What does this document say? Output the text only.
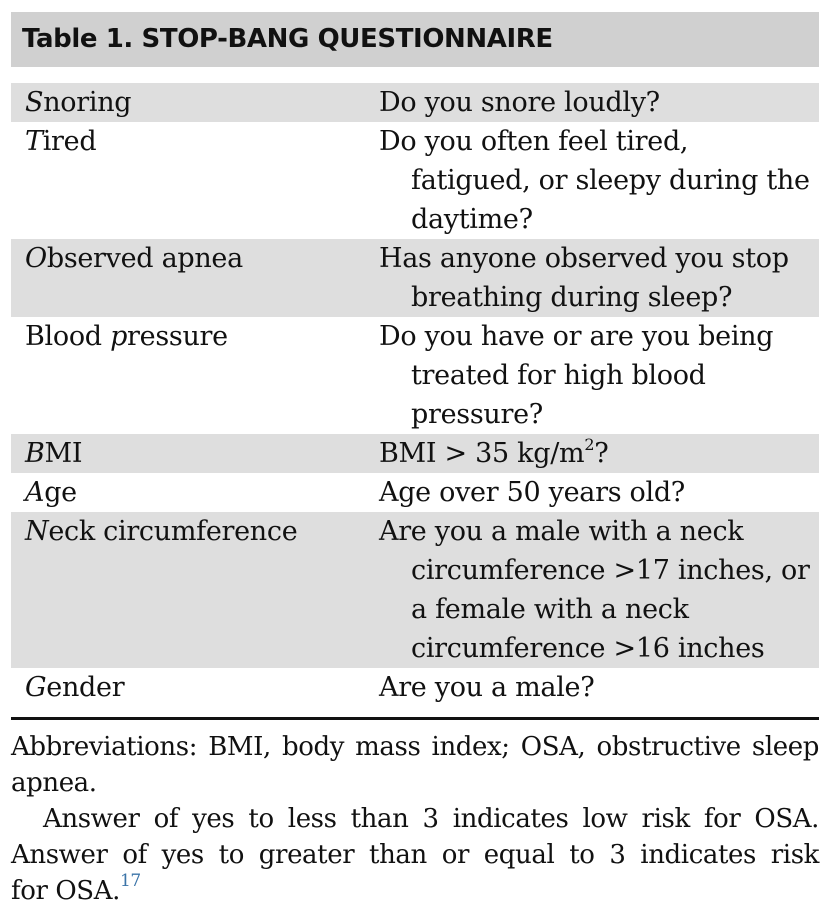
Table 1. STOP-BANG QUESTIONNAIRE
Snoring	Do you snore loudly?
Tired	Do you often feel tired,
fatigued, or sleepy during the
daytime?
Observed apnea	Has anyone observed you stop
breathing during sleep?
Blood pressure	Do you have or are you being
treated for high blood
pressure?
BMI	BMI > 35 $kg/m^2$?
Age	Age over 50 years old?
Neck circumference	Are you a male with a neck
circumference >17 inches, or
a female with a neck
circumference >16 inches
Gender	Are you a male?
Abbreviations: BMI, body mass index; OSA, obstructive sleep
apnea.
Answer of yes to less than 3 indicates low risk for OSA.
Answer of yes to greater than or equal to 3 indicates risk
for OSA.$^{17}$
